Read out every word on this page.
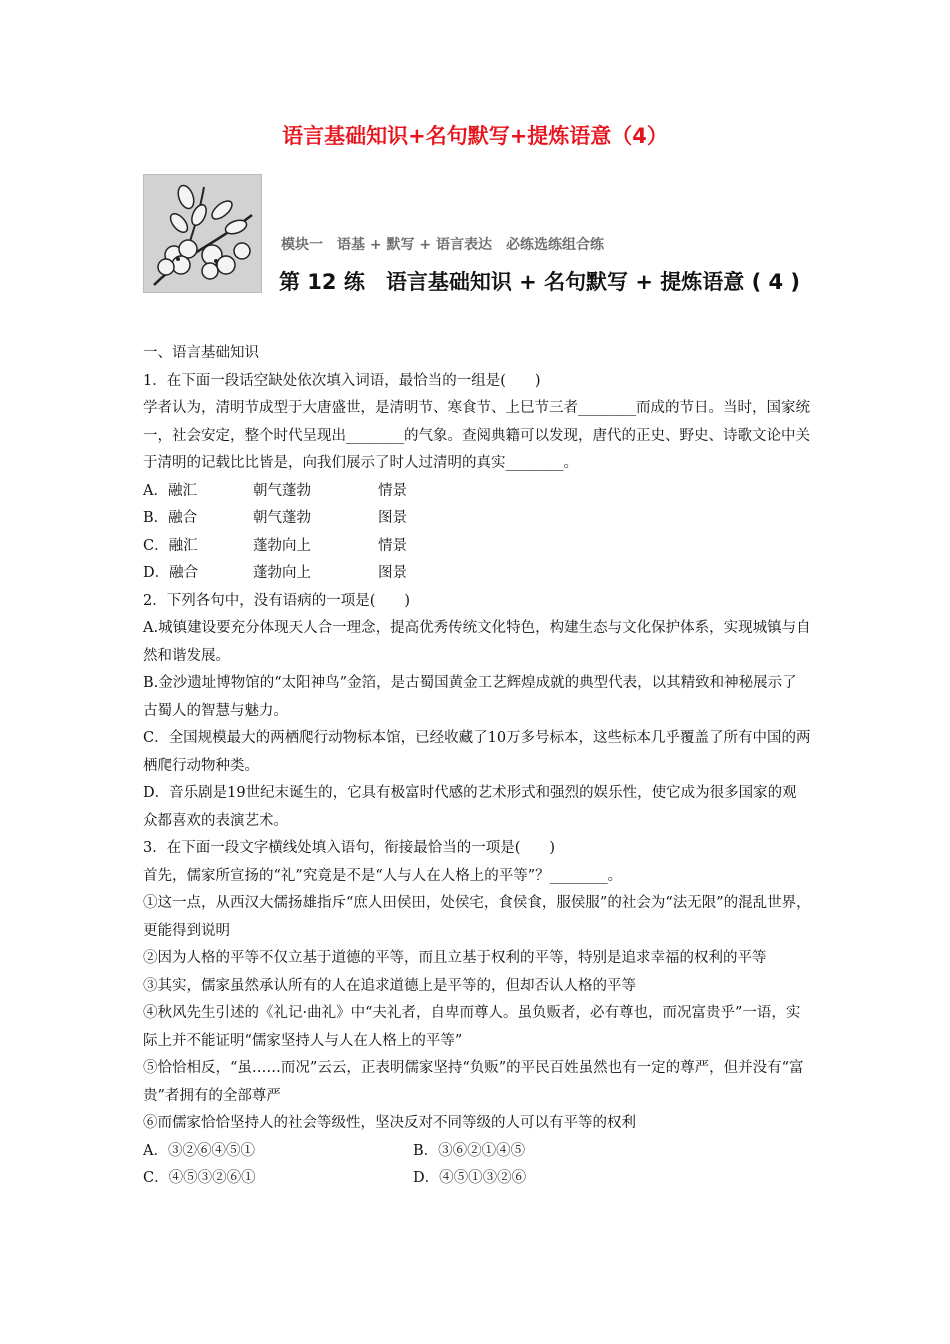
语言基础知识+名句默写+提炼语意（4）
模块一　语基 + 默写 + 语言表达　必练选练组合练
第 12 练　语言基础知识 + 名句默写 + 提炼语意 ( 4 )

一、语言基础知识

1．在下面一段话空缺处依次填入词语，最恰当的一组是(　　)

学者认为，清明节成型于大唐盛世，是清明节、寒食节、上巳节三者________而成的节日。当时，国家统一，社会安定，整个时代呈现出________的气象。查阅典籍可以发现，唐代的正史、野史、诗歌文论中关于清明的记载比比皆是，向我们展示了时人过清明的真实________。

A．融汇	朝气蓬勃	情景
B．融合	朝气蓬勃	图景
C．融汇	蓬勃向上	情景
D．融合	蓬勃向上	图景

2．下列各句中，没有语病的一项是(　　)

A.城镇建设要充分体现天人合一理念，提高优秀传统文化特色，构建生态与文化保护体系，实现城镇与自然和谐发展。

B.金沙遗址博物馆的“太阳神鸟”金箔，是古蜀国黄金工艺辉煌成就的典型代表，以其精致和神秘展示了古蜀人的智慧与魅力。

C．全国规模最大的两栖爬行动物标本馆，已经收藏了10万多号标本，这些标本几乎覆盖了所有中国的两栖爬行动物种类。

D．音乐剧是19世纪末诞生的，它具有极富时代感的艺术形式和强烈的娱乐性，使它成为很多国家的观众都喜欢的表演艺术。

3．在下面一段文字横线处填入语句，衔接最恰当的一项是(　　)

首先，儒家所宣扬的“礼”究竟是不是“人与人在人格上的平等”？________。

①这一点，从西汉大儒扬雄指斥“庶人田侯田，处侯宅，食侯食，服侯服”的社会为“法无限”的混乱世界，更能得到说明

②因为人格的平等不仅立基于道德的平等，而且立基于权利的平等，特别是追求幸福的权利的平等

③其实，儒家虽然承认所有的人在追求道德上是平等的，但却否认人格的平等

④秋风先生引述的《礼记·曲礼》中“夫礼者，自卑而尊人。虽负贩者，必有尊也，而况富贵乎”一语，实际上并不能证明“儒家坚持人与人在人格上的平等”

⑤恰恰相反，“虽……而况”云云，正表明儒家坚持“负贩”的平民百姓虽然也有一定的尊严，但并没有“富贵”者拥有的全部尊严

⑥而儒家恰恰坚持人的社会等级性，坚决反对不同等级的人可以有平等的权利

A．③②⑥④⑤①	B．③⑥②①④⑤
C．④⑤③②⑥①	D．④⑤①③②⑥
